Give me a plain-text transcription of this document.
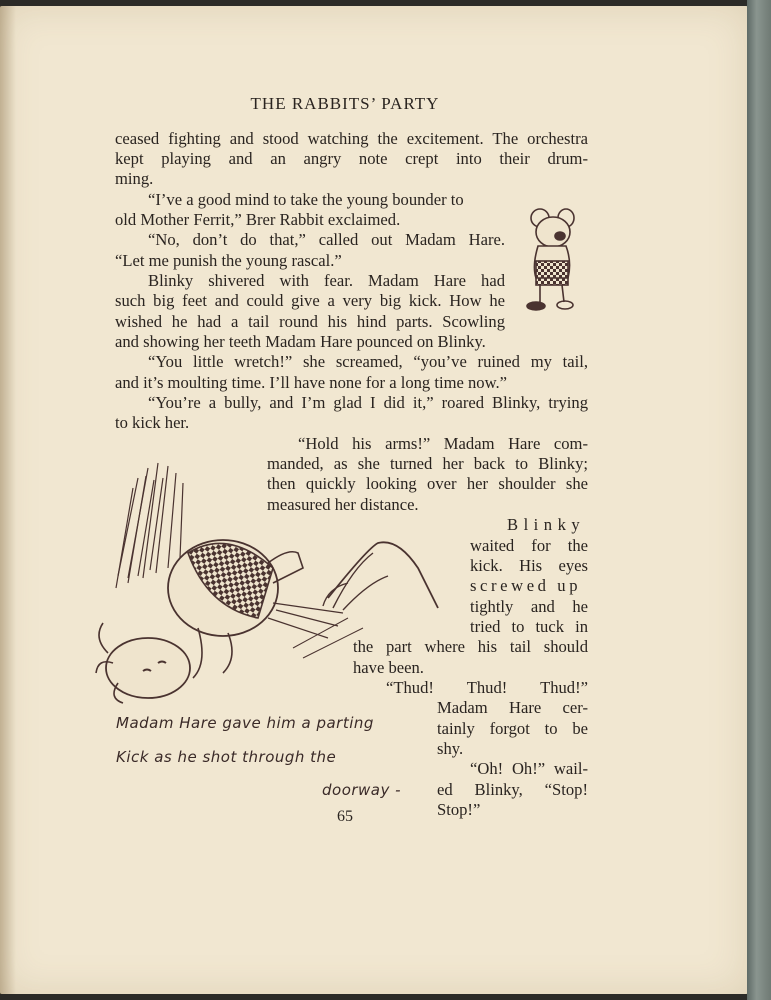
THE RABBITS’ PARTY

ceased fighting and stood watching the excitement. The orchestra

kept playing and an angry note crept into their drum-

ming.

“I’ve a good mind to take the young bounder to

old Mother Ferrit,” Brer Rabbit exclaimed.

“No, don’t do that,” called out Madam Hare.

“Let me punish the young rascal.”

Blinky shivered with fear. Madam Hare had

such big feet and could give a very big kick. How he

wished he had a tail round his hind parts. Scowling

and showing her teeth Madam Hare pounced on Blinky.

“You little wretch!” she screamed, “you’ve ruined my tail,

and it’s moulting time. I’ll have none for a long time now.”

“You’re a bully, and I’m glad I did it,” roared Blinky, trying

to kick her.

“Hold his arms!” Madam Hare com-

manded, as she turned her back to Blinky;

then quickly looking over her shoulder she

measured her distance.

Blinky

waited for the

kick. His eyes

screwed up

tightly and he

tried to tuck in

the part where his tail should

have been.

“Thud! Thud! Thud!”

Madam Hare cer-

tainly forgot to be

shy.

“Oh! Oh!” wail-

ed Blinky, “Stop!

Stop!”

Madam Hare gave him a parting

Kick as he shot through the

doorway -

65
